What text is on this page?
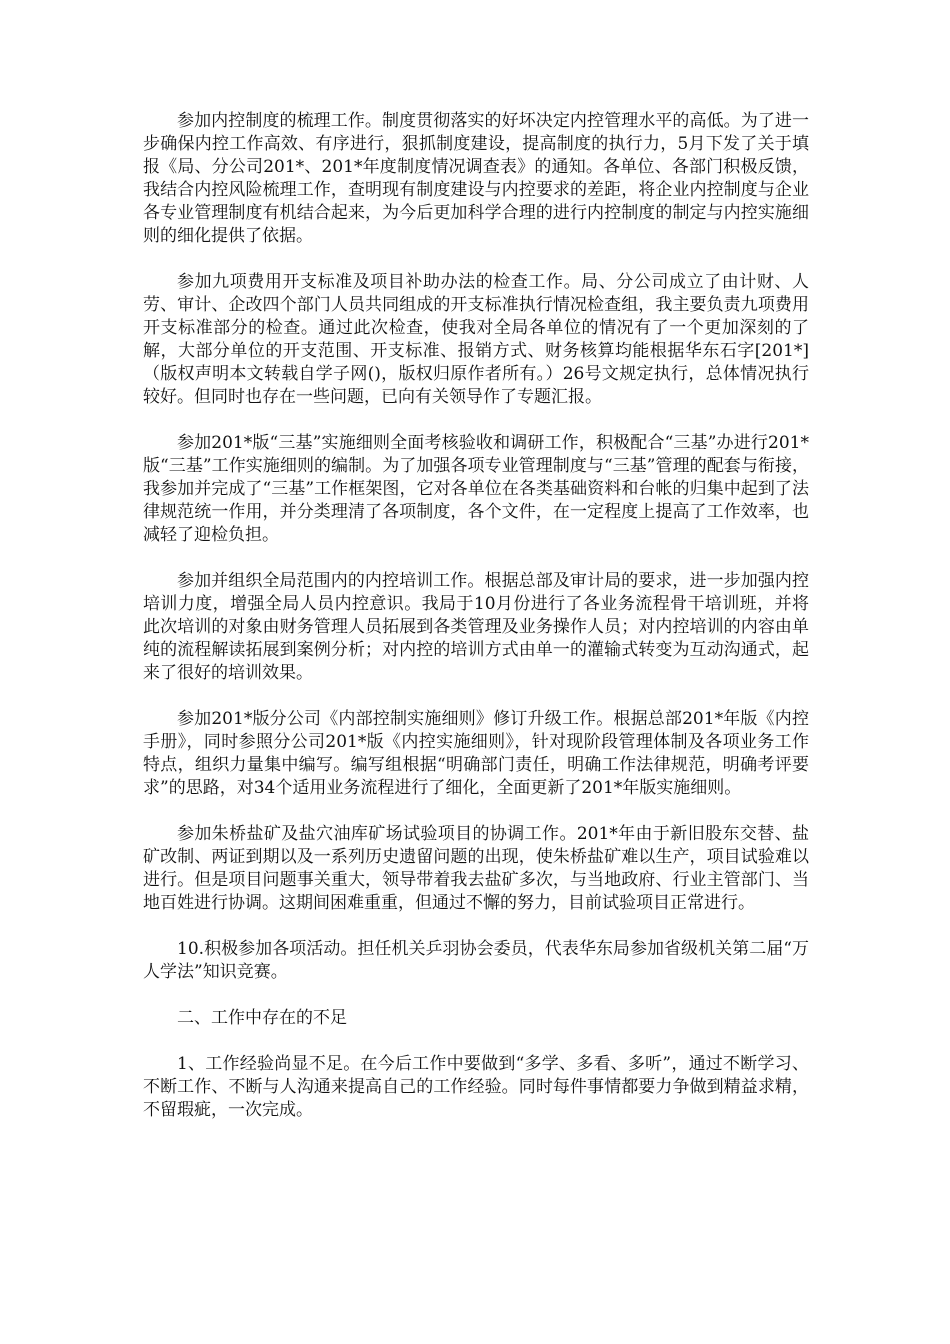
参加内控制度的梳理工作。制度贯彻落实的好坏决定内控管理水平的高低。为了进一步确保内控工作高效、有序进行，狠抓制度建设，提高制度的执行力，5月下发了关于填报《局、分公司201*、201*年度制度情况调查表》的通知。各单位、各部门积极反馈，我结合内控风险梳理工作，查明现有制度建设与内控要求的差距，将企业内控制度与企业各专业管理制度有机结合起来，为今后更加科学合理的进行内控制度的制定与内控实施细则的细化提供了依据。

参加九项费用开支标准及项目补助办法的检查工作。局、分公司成立了由计财、人劳、审计、企改四个部门人员共同组成的开支标准执行情况检查组，我主要负责九项费用开支标准部分的检查。通过此次检查，使我对全局各单位的情况有了一个更加深刻的了解，大部分单位的开支范围、开支标准、报销方式、财务核算均能根据华东石字[201*]（版权声明本文转载自学子网()，版权归原作者所有。）26号文规定执行，总体情况执行较好。但同时也存在一些问题，已向有关领导作了专题汇报。

参加201*版“三基”实施细则全面考核验收和调研工作，积极配合“三基”办进行201*版“三基”工作实施细则的编制。为了加强各项专业管理制度与“三基”管理的配套与衔接，我参加并完成了“三基”工作框架图，它对各单位在各类基础资料和台帐的归集中起到了法律规范统一作用，并分类理清了各项制度，各个文件，在一定程度上提高了工作效率，也减轻了迎检负担。

参加并组织全局范围内的内控培训工作。根据总部及审计局的要求，进一步加强内控培训力度，增强全局人员内控意识。我局于10月份进行了各业务流程骨干培训班，并将此次培训的对象由财务管理人员拓展到各类管理及业务操作人员；对内控培训的内容由单纯的流程解读拓展到案例分析；对内控的培训方式由单一的灌输式转变为互动沟通式，起来了很好的培训效果。

参加201*版分公司《内部控制实施细则》修订升级工作。根据总部201*年版《内控手册》，同时参照分公司201*版《内控实施细则》，针对现阶段管理体制及各项业务工作特点，组织力量集中编写。编写组根据“明确部门责任，明确工作法律规范，明确考评要求”的思路，对34个适用业务流程进行了细化，全面更新了201*年版实施细则。

参加朱桥盐矿及盐穴油库矿场试验项目的协调工作。201*年由于新旧股东交替、盐矿改制、两证到期以及一系列历史遗留问题的出现，使朱桥盐矿难以生产，项目试验难以进行。但是项目问题事关重大，领导带着我去盐矿多次，与当地政府、行业主管部门、当地百姓进行协调。这期间困难重重，但通过不懈的努力，目前试验项目正常进行。

10.积极参加各项活动。担任机关乒羽协会委员，代表华东局参加省级机关第二届“万人学法”知识竞赛。

二、工作中存在的不足

1、工作经验尚显不足。在今后工作中要做到“多学、多看、多听”，通过不断学习、不断工作、不断与人沟通来提高自己的工作经验。同时每件事情都要力争做到精益求精，不留瑕疵，一次完成。
